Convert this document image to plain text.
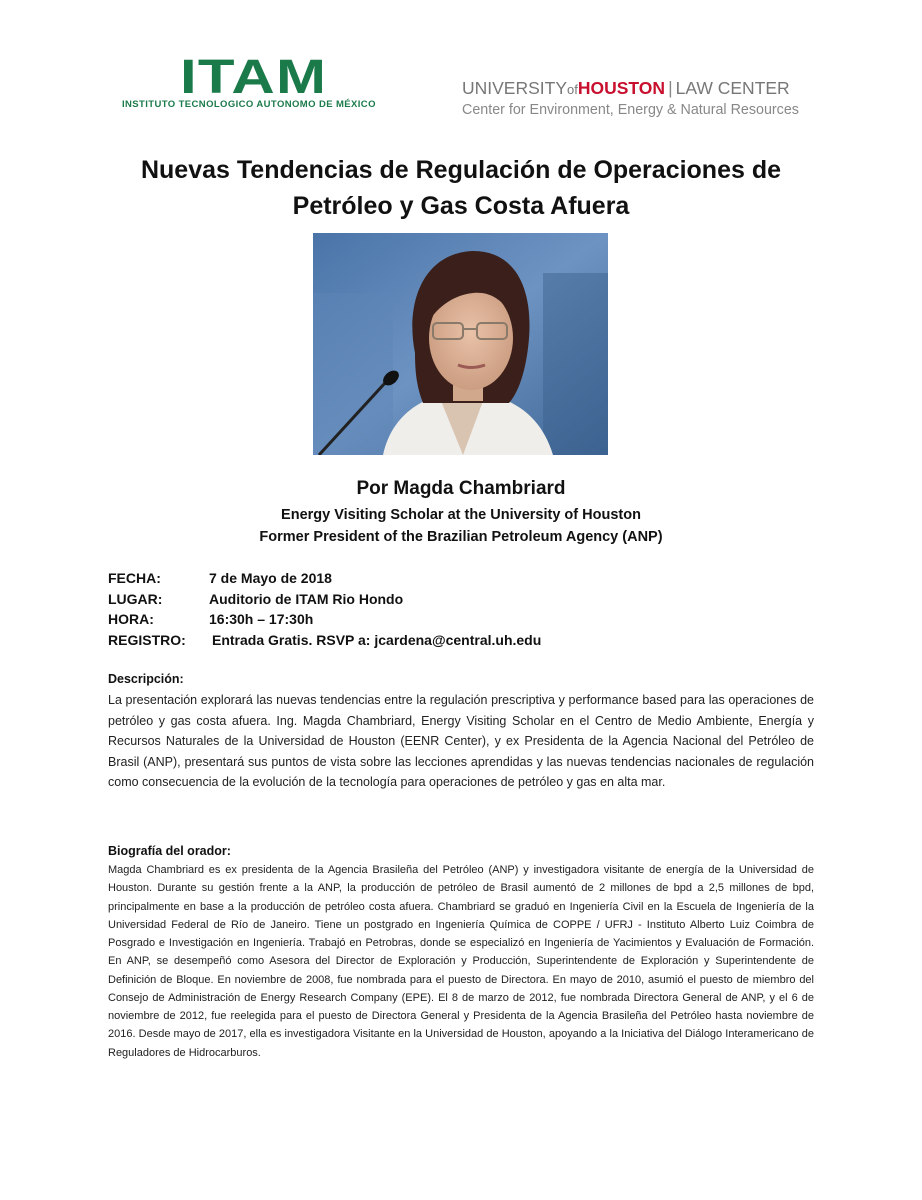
ITAM
INSTITUTO TECNOLOGICO AUTONOMO DE MÉXICO
UNIVERSITYofHOUSTON | LAW CENTER
Center for Environment, Energy & Natural Resources
Nuevas Tendencias de Regulación de Operaciones de
Petróleo y Gas Costa Afuera
Por Magda Chambriard
Energy Visiting Scholar at the University of Houston
Former President of the Brazilian Petroleum Agency (ANP)
FECHA:	7 de Mayo de 2018
LUGAR:	Auditorio de ITAM Rio Hondo
HORA:	16:30h – 17:30h
REGISTRO: Entrada Gratis. RSVP a: jcardena@central.uh.edu
Descripción:
La presentación explorará las nuevas tendencias entre la regulación prescriptiva y performance based para las operaciones de petróleo y gas costa afuera. Ing. Magda Chambriard, Energy Visiting Scholar en el Centro de Medio Ambiente, Energía y Recursos Naturales de la Universidad de Houston (EENR Center), y ex Presidenta de la Agencia Nacional del Petróleo de Brasil (ANP), presentará sus puntos de vista sobre las lecciones aprendidas y las nuevas tendencias nacionales de regulación como consecuencia de la evolución de la tecnología para operaciones de petróleo y gas en alta mar.
Biografía del orador:
Magda Chambriard es ex presidenta de la Agencia Brasileña del Petróleo (ANP) y investigadora visitante de energía de la Universidad de Houston. Durante su gestión frente a la ANP, la producción de petróleo de Brasil aumentó de 2 millones de bpd a 2,5 millones de bpd, principalmente en base a la producción de petróleo costa afuera. Chambriard se graduó en Ingeniería Civil en la Escuela de Ingeniería de la Universidad Federal de Río de Janeiro. Tiene un postgrado en Ingeniería Química de COPPE / UFRJ - Instituto Alberto Luiz Coimbra de Posgrado e Investigación en Ingeniería. Trabajó en Petrobras, donde se especializó en Ingeniería de Yacimientos y Evaluación de Formación. En ANP, se desempeñó como Asesora del Director de Exploración y Producción, Superintendente de Exploración y Superintendente de Definición de Bloque. En noviembre de 2008, fue nombrada para el puesto de Directora. En mayo de 2010, asumió el puesto de miembro del Consejo de Administración de Energy Research Company (EPE). El 8 de marzo de 2012, fue nombrada Directora General de ANP, y el 6 de noviembre de 2012, fue reelegida para el puesto de Directora General y Presidenta de la Agencia Brasileña del Petróleo hasta noviembre de 2016. Desde mayo de 2017, ella es investigadora Visitante en la Universidad de Houston, apoyando a la Iniciativa del Diálogo Interamericano de Reguladores de Hidrocarburos.
